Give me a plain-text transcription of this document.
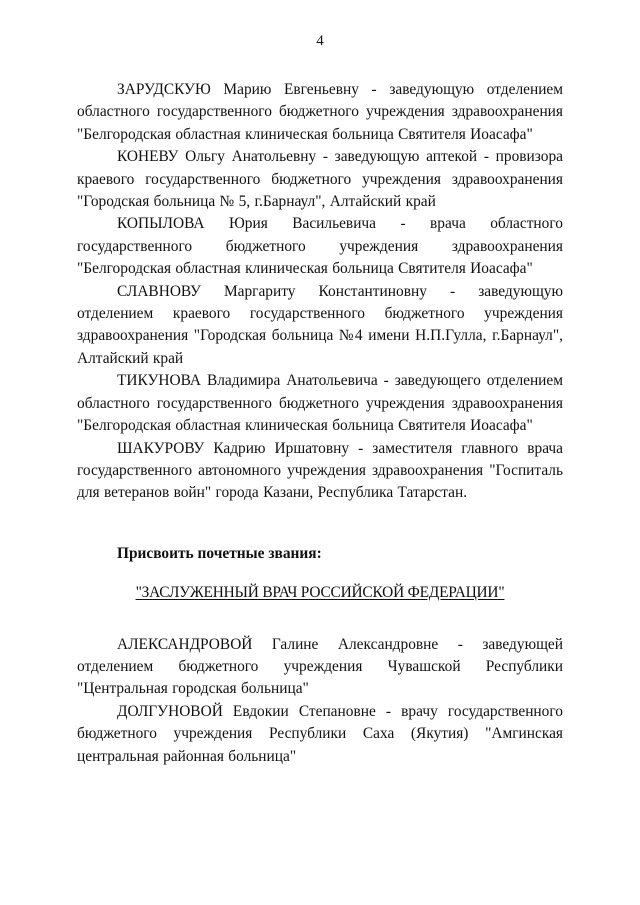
4

ЗАРУДСКУЮ Марию Евгеньевну - заведующую отделением областного государственного бюджетного учреждения здравоохранения "Белгородская областная клиническая больница Святителя Иоасафа"

КОНЕВУ Ольгу Анатольевну - заведующую аптекой - провизора краевого государственного бюджетного учреждения здравоохранения "Городская больница № 5, г.Барнаул", Алтайский край

КОПЫЛОВА Юрия Васильевича - врача областного государственного бюджетного учреждения здравоохранения "Белгородская областная клиническая больница Святителя Иоасафа"

СЛАВНОВУ Маргариту Константиновну - заведующую отделением краевого государственного бюджетного учреждения здравоохранения "Городская больница №4 имени Н.П.Гулла, г.Барнаул", Алтайский край

ТИКУНОВА Владимира Анатольевича - заведующего отделением областного государственного бюджетного учреждения здравоохранения "Белгородская областная клиническая больница Святителя Иоасафа"

ШАКУРОВУ Кадрию Иршатовну - заместителя главного врача государственного автономного учреждения здравоохранения "Госпиталь для ветеранов войн" города Казани, Республика Татарстан.

Присвоить почетные звания:

"ЗАСЛУЖЕННЫЙ ВРАЧ РОССИЙСКОЙ ФЕДЕРАЦИИ"

АЛЕКСАНДРОВОЙ Галине Александровне - заведующей отделением бюджетного учреждения Чувашской Республики "Центральная городская больница"

ДОЛГУНОВОЙ Евдокии Степановне - врачу государственного бюджетного учреждения Республики Саха (Якутия) "Амгинская центральная районная больница"
